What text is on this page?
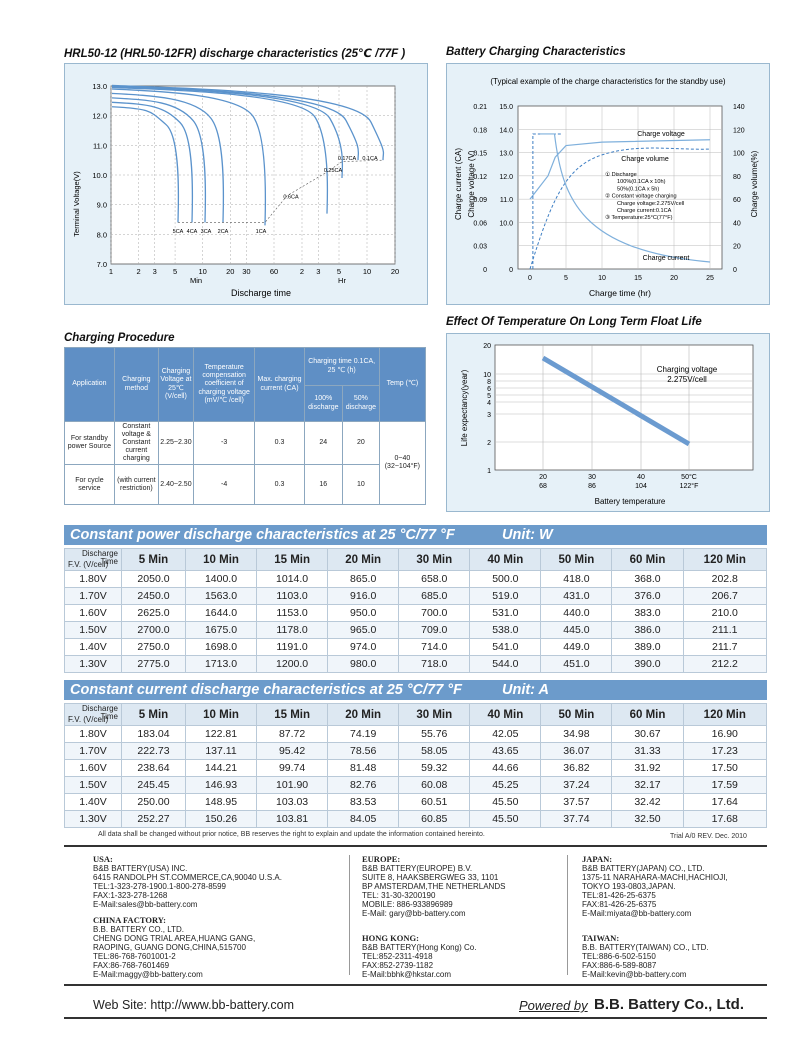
HRL50-12 (HRL50-12FR) discharge characteristics (25℃ /77F )
13.0
12.0
11.0
10.0
9.0
8.0
7.0
1	2 3 5	10	20 30	60	2 3 5	10	20
5CA 4CA 3CA 2CA	1CA
0.6CA
0.25CA
0.17CA 0.1CA
Terminal Voltage(V)
Min	Hr
Discharge time
Battery Charging Characteristics
(Typical example of the charge characteristics for the standby use)
0.21
0.18
0.15
0.12
0.09
0.06
0.03
0
15.0
14.0
13.0
12.0
11.0
10.0
0
140
120
100
80
60
40
20
0
0	5	10	15	20	25
Charge current (CA) Charge voltage (V)	Charge volume(%)
Charge time (hr)
Charge voltage
Charge volume
Charge current
① Discharge
100%(0.1CA x 10h)
50%(0.1CA x 5h)
② Constant voltage charging
Charge voltage:2.275V/cell
Charge current:0.1CA
③ Temperature:25°C(77°F)
Charging Procedure
Application	Charging method	Charging Voltage at 25℃ (V/cell)	Temperature compensation coefficient of charging voltage (mV/℃ /cell)	Max. charging current (CA)	Charging time 0.1CA, 25 ℃ (h)		Temp (℃)
					100% discharge	50% discharge	
For standby power Source	Constant voltage & Constant current charging	2.25~2.30	-3	0.3	24	20	0~40 (32~104°F)
For cycle service	(with current restriction)	2.40~2.50	-4	0.3	16	10	
Effect Of Temperature On Long Term Float Life
20
10
8
6
5
4
3
2
1
20	30	40	50°C
68	86	104	122°F
Life expectancy(year)
Battery temperature
Charging voltage
2.275V/cell
Constant power discharge characteristics at 25 °C/77 °F	Unit: W
Discharge Time
F.V. (V/cell)	5 Min	10 Min	15 Min	20 Min	30 Min	40 Min	50 Min	60 Min	120 Min
1.80V	2050.0	1400.0	1014.0	865.0	658.0	500.0	418.0	368.0	202.8
1.70V	2450.0	1563.0	1103.0	916.0	685.0	519.0	431.0	376.0	206.7
1.60V	2625.0	1644.0	1153.0	950.0	700.0	531.0	440.0	383.0	210.0
1.50V	2700.0	1675.0	1178.0	965.0	709.0	538.0	445.0	386.0	211.1
1.40V	2750.0	1698.0	1191.0	974.0	714.0	541.0	449.0	389.0	211.7
1.30V	2775.0	1713.0	1200.0	980.0	718.0	544.0	451.0	390.0	212.2
Constant current discharge characteristics at 25 °C/77 °F	Unit: A
Discharge Time
F.V. (V/cell)	5 Min	10 Min	15 Min	20 Min	30 Min	40 Min	50 Min	60 Min	120 Min
1.80V	183.04	122.81	87.72	74.19	55.76	42.05	34.98	30.67	16.90
1.70V	222.73	137.11	95.42	78.56	58.05	43.65	36.07	31.33	17.23
1.60V	238.64	144.21	99.74	81.48	59.32	44.66	36.82	31.92	17.50
1.50V	245.45	146.93	101.90	82.76	60.08	45.25	37.24	32.17	17.59
1.40V	250.00	148.95	103.03	83.53	60.51	45.50	37.57	32.42	17.64
1.30V	252.27	150.26	103.81	84.05	60.85	45.50	37.74	32.50	17.68
All data shall be changed without prior notice, BB reserves the right to explain and update the information contained hereinto.	Trial A/0 REV. Dec. 2010
USA:
B&B BATTERY(USA) INC.
6415 RANDOLPH ST.COMMERCE,CA,90040 U.S.A.
TEL:1-323-278-1900.1-800-278-8599
FAX:1-323-278-1268
E-Mail:sales@bb-battery.com
CHINA FACTORY:
B.B. BATTERY CO., LTD.
CHENG DONG TRIAL AREA,HUANG GANG,
RAOPING, GUANG DONG,CHINA,515700
TEL:86-768-7601001-2
FAX:86-768-7601469
E-Mail:maggy@bb-battery.com
EUROPE:
B&B BATTERY(EUROPE) B.V.
SUITE 8, HAAKSBERGWEG 33, 1101
BP AMSTERDAM,THE NETHERLANDS
TEL: 31-30-3200190
MOBILE: 886-933896989
E-Mail: gary@bb-battery.com
HONG KONG:
B&B BATTERY(Hong Kong) Co.
TEL:852-2311-4918
FAX:852-2739-1182
E-Mail:bbhk@hkstar.com
JAPAN:
B&B BATTERY(JAPAN) CO., LTD.
1375-11 NARAHARA-MACHI,HACHIOJI,
TOKYO 193-0803,JAPAN.
TEL:81-426-25-6375
FAX:81-426-25-6375
E-Mail:miyata@bb-battery.com
TAIWAN:
B.B. BATTERY(TAIWAN) CO., LTD.
TEL:886-6-502-5150
FAX:886-6-589-8087
E-Mail:kevin@bb-battery.com
Web Site: http://www.bb-battery.com	Powered by B.B. Battery Co., Ltd.
